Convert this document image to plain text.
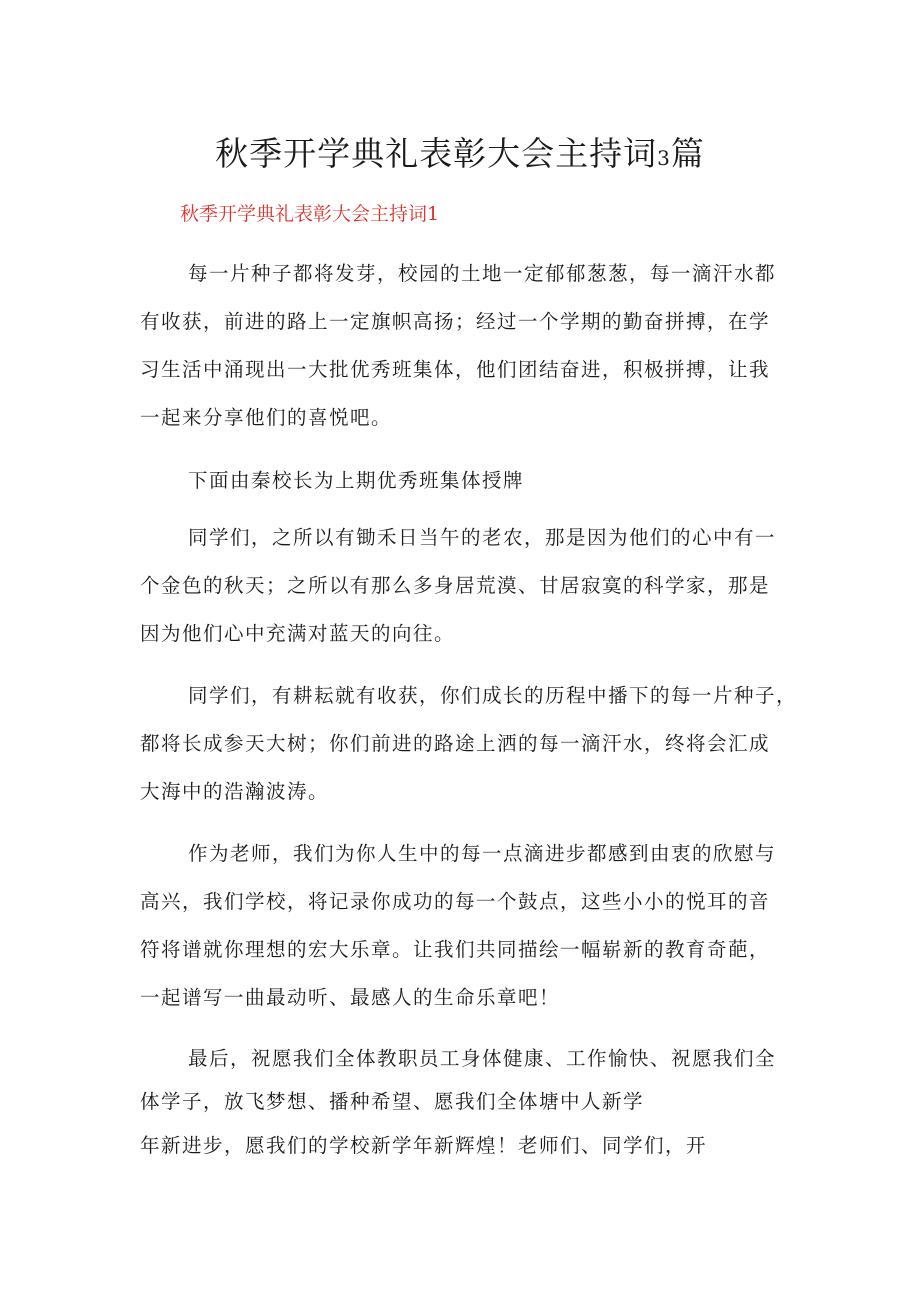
秋季开学典礼表彰大会主持词3篇
秋季开学典礼表彰大会主持词1
每一片种子都将发芽，校园的土地一定郁郁葱葱，每一滴汗水都
有收获，前进的路上一定旗帜高扬；经过一个学期的勤奋拼搏，在学
习生活中涌现出一大批优秀班集体，他们团结奋进，积极拼搏，让我
一起来分享他们的喜悦吧。
下面由秦校长为上期优秀班集体授牌
同学们，之所以有锄禾日当午的老农，那是因为他们的心中有一
个金色的秋天；之所以有那么多身居荒漠、甘居寂寞的科学家，那是
因为他们心中充满对蓝天的向往。
同学们，有耕耘就有收获，你们成长的历程中播下的每一片种子，
都将长成参天大树；你们前进的路途上洒的每一滴汗水，终将会汇成
大海中的浩瀚波涛。
作为老师，我们为你人生中的每一点滴进步都感到由衷的欣慰与
高兴，我们学校，将记录你成功的每一个鼓点，这些小小的悦耳的音
符将谱就你理想的宏大乐章。让我们共同描绘一幅崭新的教育奇葩，
一起谱写一曲最动听、最感人的生命乐章吧！
最后，祝愿我们全体教职员工身体健康、工作愉快、祝愿我们全
体学子，放飞梦想、播种希望、愿我们全体塘中人新学
年新进步，愿我们的学校新学年新辉煌！老师们、同学们，开
